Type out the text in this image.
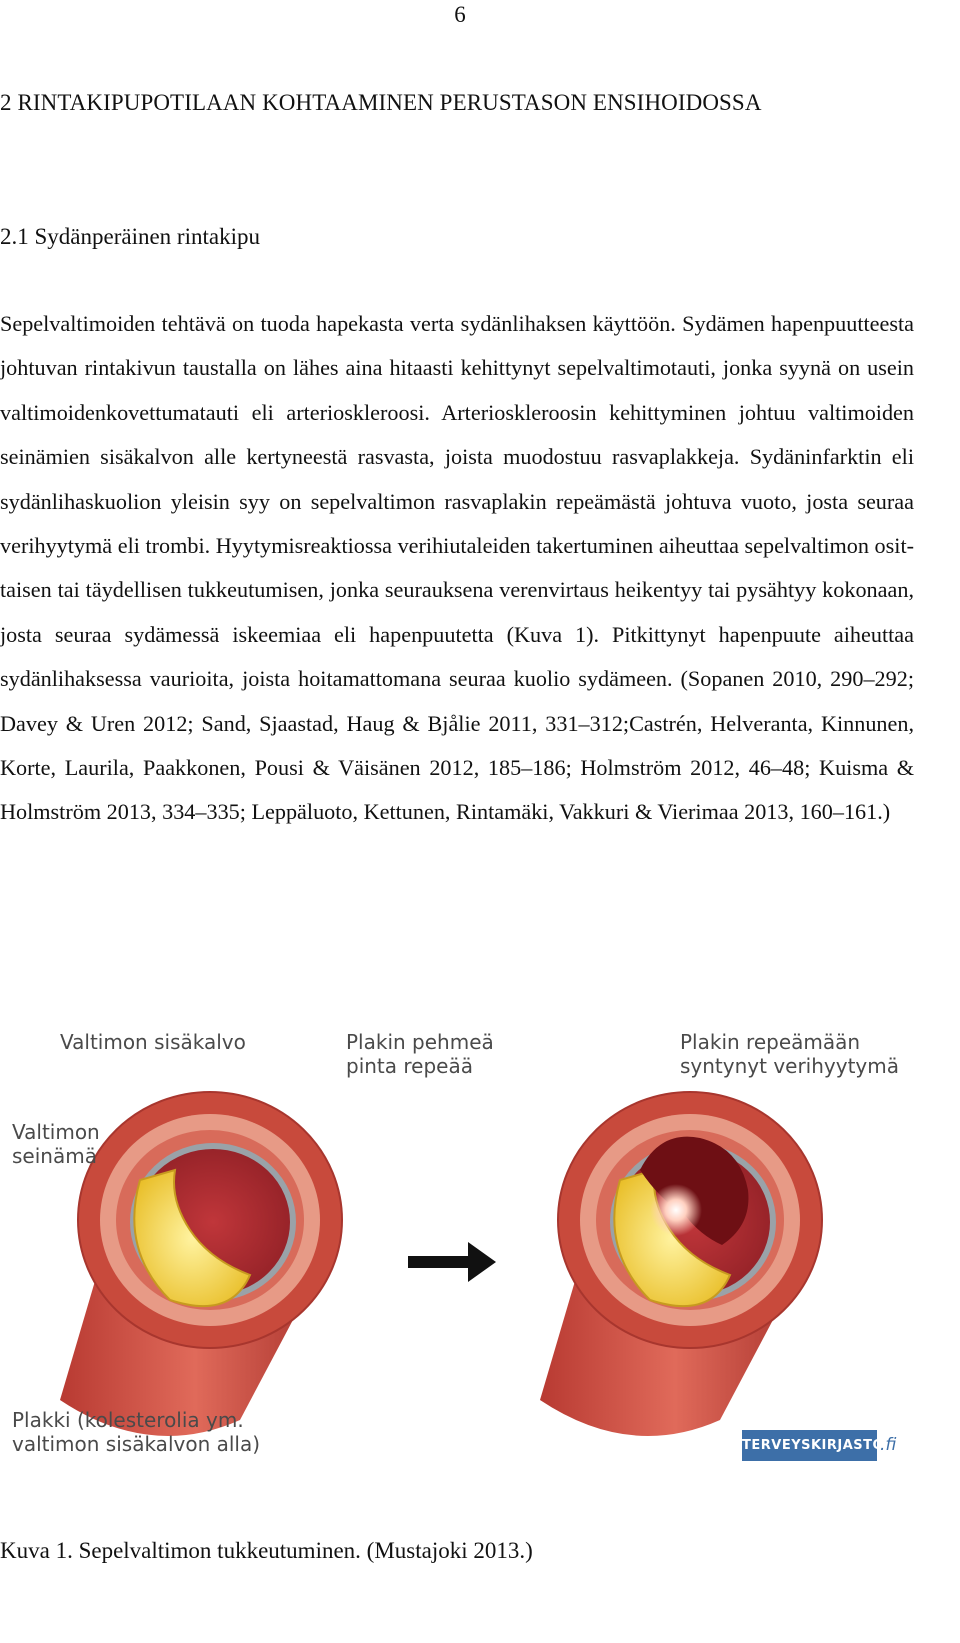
6
2 RINTAKIPUPOTILAAN KOHTAAMINEN PERUSTASON ENSIHOIDOSSA
2.1 Sydänperäinen rintakipu

Sepelvaltimoiden tehtävä on tuoda hapekasta verta sydänlihaksen käyttöön. Sydämen hapenpuutteesta johtuvan rintakivun taustalla on lähes aina hitaasti kehittynyt sepelvaltimotauti, jonka syynä on usein valtimoidenkovettumatauti eli arterioskleroosi. Arterioskleroosin kehittyminen johtuu valtimoiden seinämien sisäkalvon alle kertyneestä rasvasta, joista muodostuu rasvaplakkeja. Sydäninfarktin eli sydänlihaskuolion yleisin syy on sepelvaltimon rasvaplakin repeämästä johtuva vuoto, josta seuraa verihyytymä eli trombi. Hyytymisreaktiossa verihiutaleiden takertuminen aiheuttaa sepelvaltimon osittaisen tai täydellisen tukkeutumisen, jonka seurauksena verenvirtaus heikentyy tai pysähtyy kokonaan, josta seuraa sydämessä iskeemiaa eli hapenpuutetta (Kuva 1). Pitkittynyt hapenpuute aiheuttaa sydänlihaksessa vaurioita, joista hoitamattomana seuraa kuolio sydämeen. (Sopanen 2010, 290–292; Davey & Uren 2012; Sand, Sjaastad, Haug & Bjålie 2011, 331–312;Castrén, Helveranta, Kinnunen, Korte, Laurila, Paakkonen, Pousi & Väisänen 2012, 185–186; Holmström 2012, 46–48; Kuisma & Holmström 2013, 334–335; Leppäluoto, Kettunen, Rintamäki, Vakkuri & Vierimaa 2013, 160–161.)

Valtimon sisäkalvo	Plakin pehmeä
pinta repeää
Plakin repeämään
syntynyt verihyytymä
Valtimon
seinämä
Plakki (kolesterolia ym.
valtimon sisäkalvon alla)	TERVEYSKIRJASTO
.fi
Kuva 1. Sepelvaltimon tukkeutuminen. (Mustajoki 2013.)
